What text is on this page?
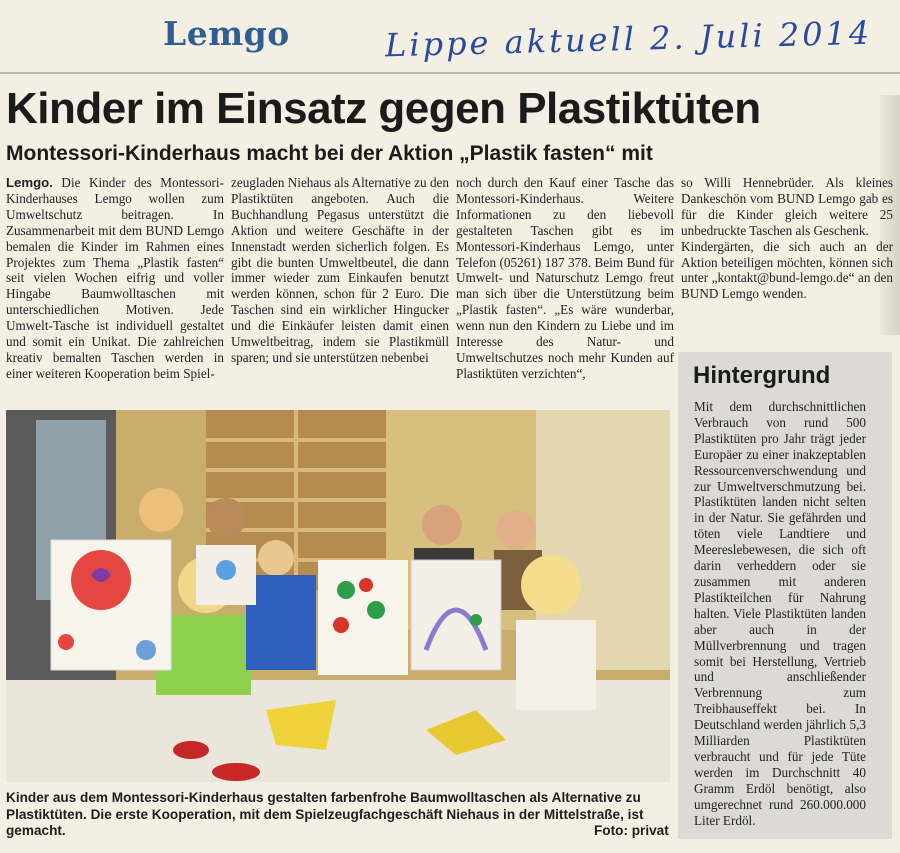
Lemgo	Lippe aktuell 2. Juli 2014
Kinder im Einsatz gegen Plastiktüten
Montessori-Kinderhaus macht bei der Aktion „Plastik fasten“ mit

Lemgo. Die Kinder des Montessori-Kinderhauses Lemgo wollen zum Umweltschutz beitragen. In Zusammenarbeit mit dem BUND Lemgo bemalen die Kinder im Rahmen eines Projektes zum Thema „Plastik fasten“ seit vielen Wochen eifrig und voller Hingabe Baumwolltaschen mit unterschiedlichen Motiven. Jede Umwelt-Tasche ist individuell gestaltet und somit ein Unikat. Die zahlreichen kreativ bemalten Taschen werden in einer weiteren Kooperation beim Spiel-

zeugladen Niehaus als Alternative zu den Plastiktüten angeboten. Auch die Buchhandlung Pegasus unterstützt die Aktion und weitere Geschäfte in der Innenstadt werden sicherlich folgen. Es gibt die bunten Umweltbeutel, die dann immer wieder zum Einkaufen benutzt werden können, schon für 2 Euro. Die Taschen sind ein wirklicher Hingucker und die Einkäufer leisten damit einen Umweltbeitrag, indem sie Plastikmüll sparen; und sie unterstützen nebenbei

noch durch den Kauf einer Tasche das Montessori-Kinderhaus. Weitere Informationen zu den liebevoll gestalteten Taschen gibt es im Montessori-Kinderhaus Lemgo, unter Telefon (05261) 187 378. Beim Bund für Umwelt- und Naturschutz Lemgo freut man sich über die Unterstützung beim „Plastik fasten“. „Es wäre wunderbar, wenn nun den Kindern zu Liebe und im Interesse des Natur- und Umweltschutzes noch mehr Kunden auf Plastiktüten verzichten“,

so Willi Hennebrüder. Als kleines Dankeschön vom BUND Lemgo gab es für die Kinder gleich weitere 25 unbedruckte Taschen als Geschenk.

Kindergärten, die sich auch an der Aktion beteiligen möchten, können sich unter „kontakt@bund-lemgo.de“ an den BUND Lemgo wenden.

Kinder aus dem Montessori-Kinderhaus gestalten farbenfrohe Baumwolltaschen als Alternative zu Plastiktüten. Die erste Kooperation, mit dem Spielzeugfachgeschäft Niehaus in der Mittelstraße, ist gemacht.	Foto: privat
Hintergrund
Mit dem durchschnittlichen Verbrauch von rund 500 Plastiktüten pro Jahr trägt jeder Europäer zu einer inakzeptablen Ressourcenverschwendung und zur Umweltverschmutzung bei. Plastiktüten landen nicht selten in der Natur. Sie gefährden und töten viele Landtiere und Meereslebewesen, die sich oft darin verheddern oder sie zusammen mit anderen Plastikteilchen für Nahrung halten. Viele Plastiktüten landen aber auch in der Müllverbrennung und tragen somit bei Herstellung, Vertrieb und anschließender Verbrennung zum Treibhauseffekt bei. In Deutschland werden jährlich 5,3 Milliarden Plastiktüten verbraucht und für jede Tüte werden im Durchschnitt 40 Gramm Erdöl benötigt, also umgerechnet rund 260.000.000 Liter Erdöl.
